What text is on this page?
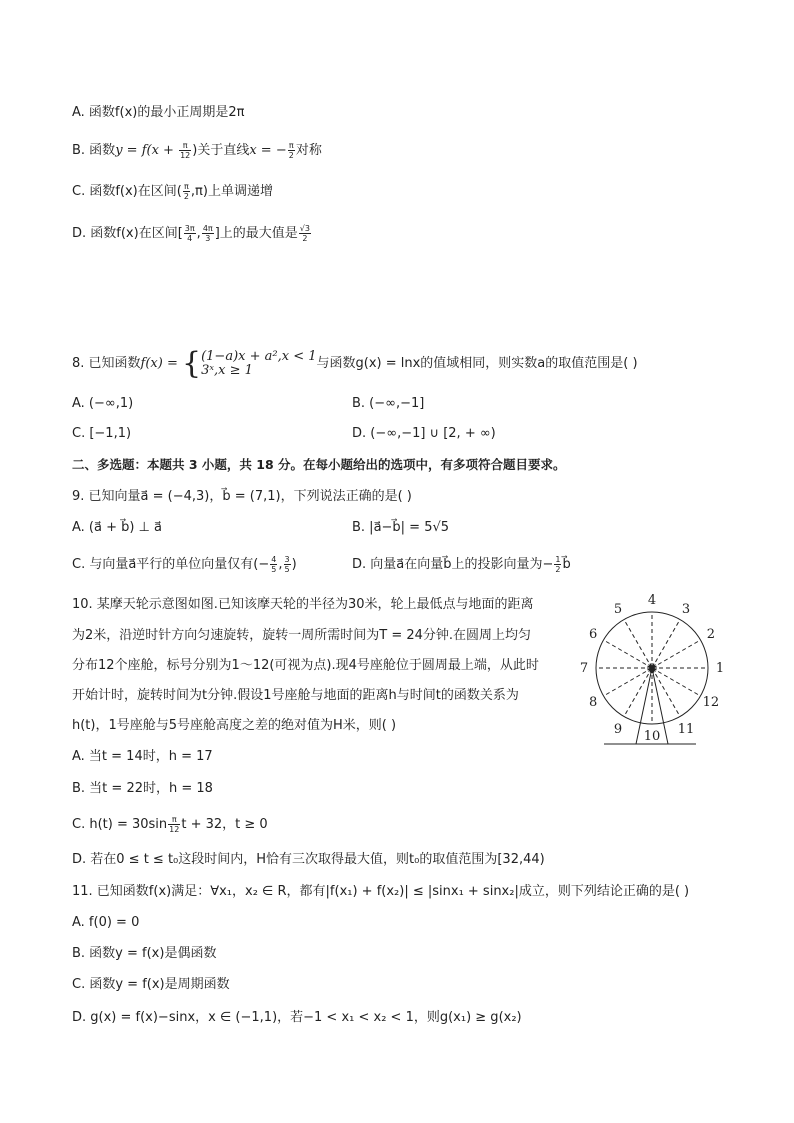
A. 函数f(x)的最小正周期是2π
B. 函数$y = f(x + \frac{\pi}{12}$ )关于直线x = − $\frac{\pi}{2}$ 对称
C. 函数f(x)在区间( $\frac{\pi}{2} ,\pi$)上单调递增
D. 函数f(x)在区间[ $\frac{3\pi}{4}$ , $\frac{4\pi}{3}$ ]上的最大值是 $\frac{√3}{2}$
8. 已知函数f(x) = { (1−a)x + a²,x < 1
3ˣ,x ≥ 1	与函数g(x) = lnx的值域相同，则实数a的取值范围是( )
A. (−∞,1)	B. (−∞,−1]
C. [−1,1)	D. (−∞,−1] ∪ [2, + ∞)
二、多选题：本题共 3 小题，共 18 分。在每小题给出的选项中，有多项符合题目要求。
9. 已知向量a⃗ = (−4,3)，b⃗ = (7,1)，下列说法正确的是( )
A. (a⃗ + b⃗) ⊥ a⃗	B. |a⃗−b⃗| = 5√5
C. 与向量a⃗平行的单位向量仅有(− $\frac{4}{5}$ , $\frac{3}{5}$ )	D. 向量a⃗在向量b⃗上的投影向量为− $\frac{1}{2}$ b⃗
10. 某摩天轮示意图如图.已知该摩天轮的半径为30米，轮上最低点与地面的距离
为2米，沿逆时针方向匀速旋转，旋转一周所需时间为T = 24分钟.在圆周上均匀
分布12个座舱，标号分别为1～12(可视为点).现4号座舱位于圆周最上端，从此时
开始计时，旋转时间为t分钟.假设1号座舱与地面的距离h与时间t的函数关系为
h(t)，1号座舱与5号座舱高度之差的绝对值为H米，则( )
A. 当t = 14时，h = 17
B. 当t = 22时，h = 18
C. $h(t) = 30\sin \frac{\pi}{12}$ t + 32，t ≥ 0
D. 若在0 ≤ t ≤ t₀这段时间内，H恰有三次取得最大值，则t₀的取值范围为[32,44)
1
2
3
4
5
6
7
8
9 10 11
12
11. 已知函数f(x)满足：∀x₁，x₂ ∈ R，都有|f(x₁) + f(x₂)| ≤ |sinx₁ + sinx₂|成立，则下列结论正确的是( )
A. f(0) = 0
B. 函数y = f(x)是偶函数
C. 函数y = f(x)是周期函数
D. g(x) = f(x)−sinx，x ∈ (−1,1)，若−1 < x₁ < x₂ < 1，则g(x₁) ≥ g(x₂)
